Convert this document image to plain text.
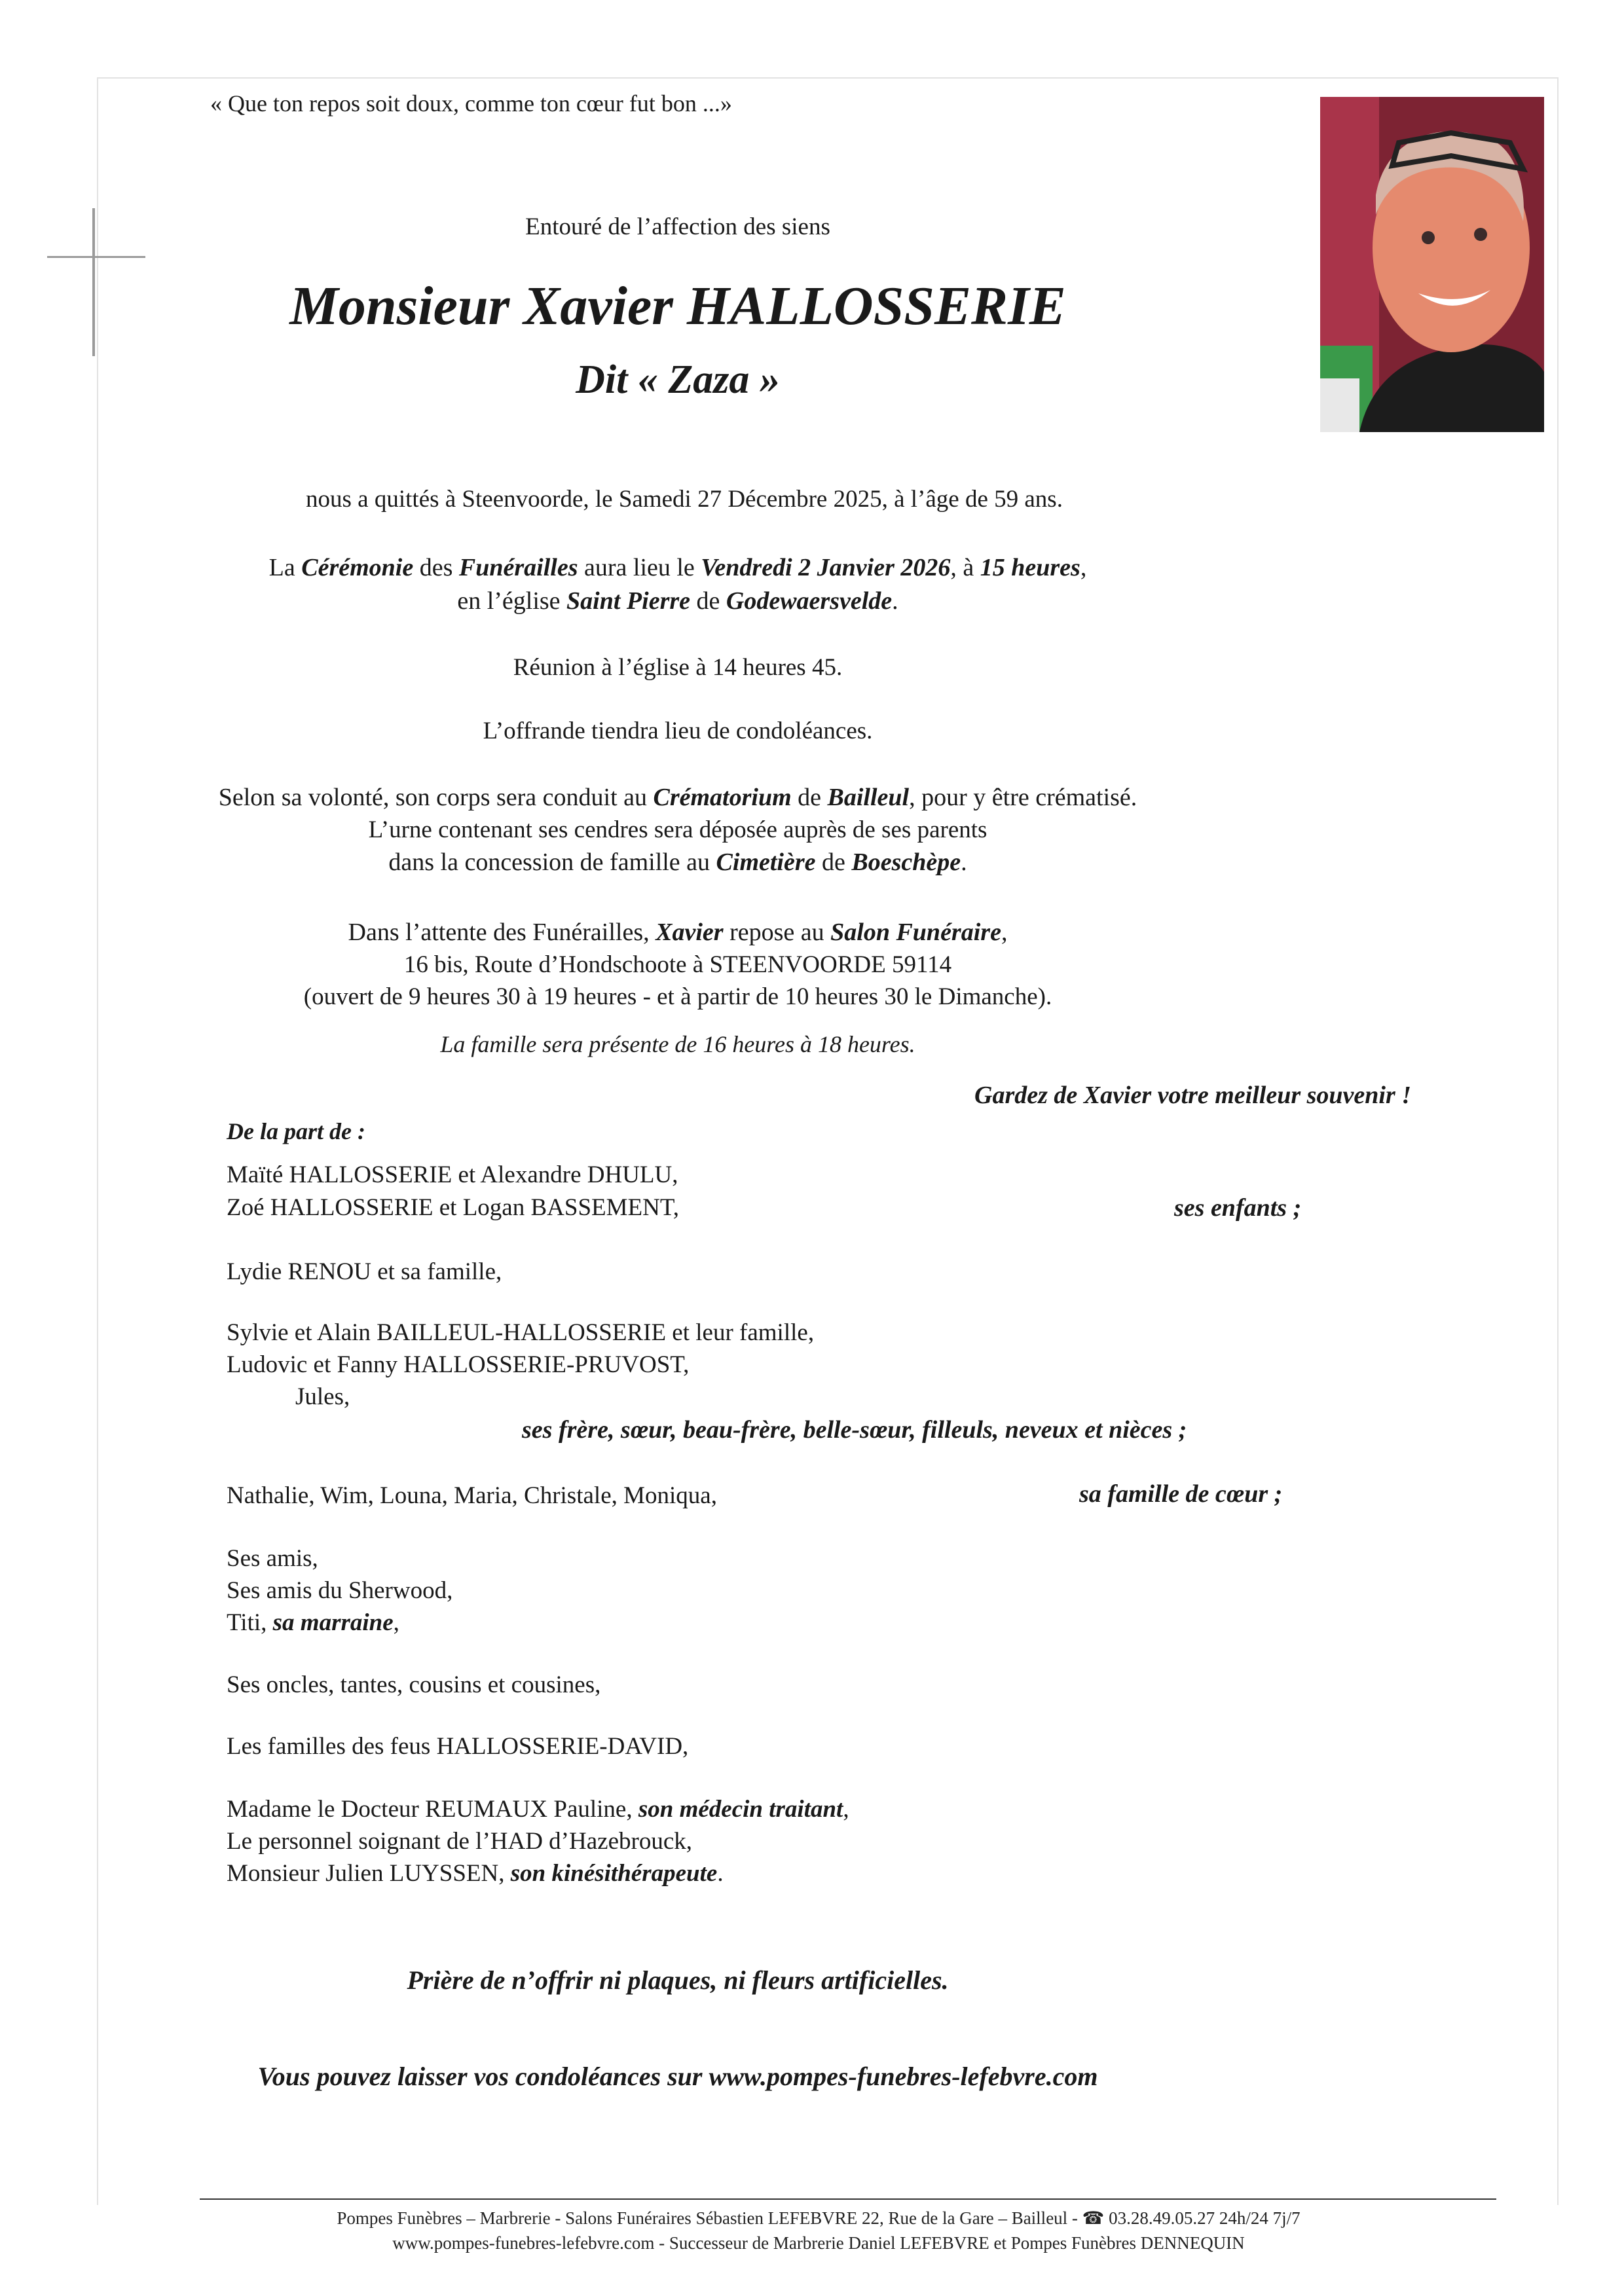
« Que ton repos soit doux, comme ton cœur fut bon ...»
Entouré de l’affection des siens
Monsieur Xavier HALLOSSERIE
Dit « Zaza »
nous a quittés à Steenvoorde, le Samedi 27 Décembre 2025, à l’âge de 59 ans.
La Cérémonie des Funérailles aura lieu le Vendredi 2 Janvier 2026, à 15 heures,
en l’église Saint Pierre de Godewaersvelde.
Réunion à l’église à 14 heures 45.
L’offrande tiendra lieu de condoléances.
Selon sa volonté, son corps sera conduit au Crématorium de Bailleul, pour y être crématisé.
L’urne contenant ses cendres sera déposée auprès de ses parents
dans la concession de famille au Cimetière de Boeschèpe.
Dans l’attente des Funérailles, Xavier repose au Salon Funéraire,
16 bis, Route d’Hondschoote à STEENVOORDE 59114
(ouvert de 9 heures 30 à 19 heures - et à partir de 10 heures 30 le Dimanche).
La famille sera présente de 16 heures à 18 heures.
Gardez de Xavier votre meilleur souvenir !
De la part de :
Maïté HALLOSSERIE et Alexandre DHULU,
Zoé HALLOSSERIE et Logan BASSEMENT,	ses enfants ;
Lydie RENOU et sa famille,
Sylvie et Alain BAILLEUL-HALLOSSERIE et leur famille,
Ludovic et Fanny HALLOSSERIE-PRUVOST,
Jules,
ses frère, sœur, beau-frère, belle-sœur, filleuls, neveux et nièces ;
Nathalie, Wim, Louna, Maria, Christale, Moniqua,	sa famille de cœur ;
Ses amis,
Ses amis du Sherwood,
Titi, sa marraine,
Ses oncles, tantes, cousins et cousines,
Les familles des feus HALLOSSERIE-DAVID,
Madame le Docteur REUMAUX Pauline, son médecin traitant,
Le personnel soignant de l’HAD d’Hazebrouck,
Monsieur Julien LUYSSEN, son kinésithérapeute.
Prière de n’offrir ni plaques, ni fleurs artificielles.
Vous pouvez laisser vos condoléances sur www.pompes-funebres-lefebvre.com
Pompes Funèbres – Marbrerie - Salons Funéraires Sébastien LEFEBVRE 22, Rue de la Gare – Bailleul - ☎ 03.28.49.05.27 24h/24 7j/7
www.pompes-funebres-lefebvre.com - Successeur de Marbrerie Daniel LEFEBVRE et Pompes Funèbres DENNEQUIN
